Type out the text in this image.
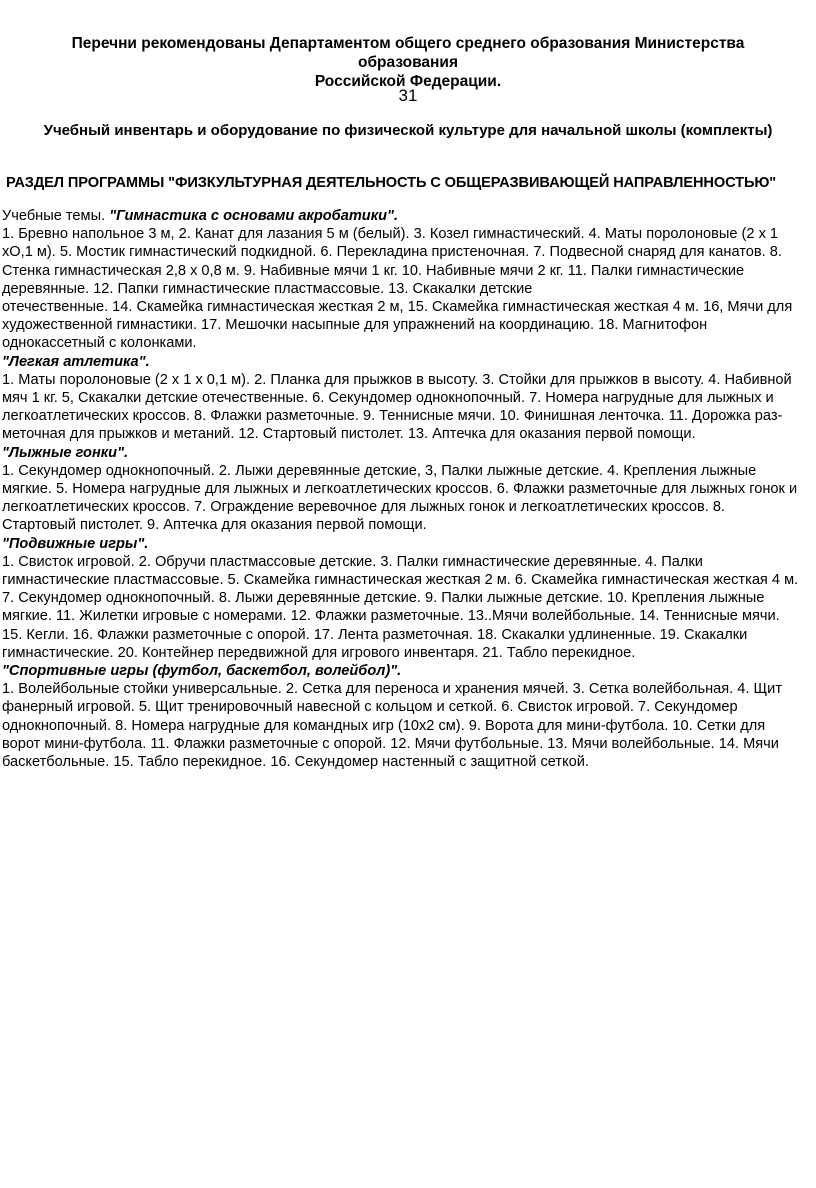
Перечни рекомендованы Департаментом общего среднего образования Министерства образования
Российской Федерации.
31
Учебный инвентарь и оборудование по физической культуре для начальной школы (комплекты)
РАЗДЕЛ ПРОГРАММЫ "ФИЗКУЛЬТУРНАЯ ДЕЯТЕЛЬНОСТЬ С ОБЩЕРАЗВИВАЮЩЕЙ НАПРАВЛЕННОСТЬЮ"

Учебные темы. "Гимнастика с основами акробатики".

1. Бревно напольное 3 м, 2. Канат для лазания 5 м (белый). 3. Козел гимнастический. 4. Маты поролоновые (2 х 1

хО,1 м). 5. Мостик гимнастический подкидной. 6. Перекладина пристеночная. 7. Подвесной снаряд для канатов. 8.

Стенка гимнастическая 2,8 х 0,8 м. 9. Набивные мячи 1 кг. 10. Набивные мячи 2 кг. 11. Палки гимнастические

деревянные. 12. Папки гимнастические пластмассовые. 13. Скакалки детские

отечественные. 14. Скамейка гимнастическая жесткая 2 м, 15. Скамейка гимнастическая жесткая 4 м. 16, Мячи для

художественной гимнастики. 17. Мешочки насыпные для упражнений на координацию. 18. Магнитофон

однокассетный с колонками.

"Легкая атлетика".

1. Маты поролоновые (2 х 1 х 0,1 м). 2. Планка для прыжков в высоту. 3. Стойки для прыжков в высоту. 4. Набивной

мяч 1 кг. 5, Скакалки детские отечественные. 6. Секундомер однокнопочный. 7. Номера нагрудные для лыжных и

легкоатлетических кроссов. 8. Флажки разметочные. 9. Теннисные мячи. 10. Финишная ленточка. 11. Дорожка раз-

меточная для прыжков и метаний. 12. Стартовый пистолет. 13. Аптечка для оказания первой помощи.

"Лыжные гонки".

1. Секундомер однокнопочный. 2. Лыжи деревянные детские, 3, Палки лыжные детские. 4. Крепления лыжные

мягкие. 5. Номера нагрудные для лыжных и легкоатлетических кроссов. 6. Флажки разметочные для лыжных гонок и

легкоатлетических кроссов. 7. Ограждение веревочное для лыжных гонок и легкоатлетических кроссов. 8.

Стартовый пистолет. 9. Аптечка для оказания первой помощи.

"Подвижные игры".

1. Свисток игровой. 2. Обручи пластмассовые детские. 3. Палки гимнастические деревянные. 4. Палки

гимнастические пластмассовые. 5. Скамейка гимнастическая жесткая 2 м. 6. Скамейка гимнастическая жесткая 4 м.

7. Секундомер однокнопочный. 8. Лыжи деревянные детские. 9. Палки лыжные детские. 10. Крепления лыжные

мягкие. 11. Жилетки игровые с номерами. 12. Флажки разметочные. 13..Мячи волейбольные. 14. Теннисные мячи.

15. Кегли. 16. Флажки разметочные с опорой. 17. Лента разметочная. 18. Скакалки удлиненные. 19. Скакалки

гимнастические. 20. Контейнер передвижной для игрового инвентаря. 21. Табло перекидное.

"Спортивные игры (футбол, баскетбол, волейбол)".

1. Волейбольные стойки универсальные. 2. Сетка для переноса и хранения мячей. 3. Сетка волейбольная. 4. Щит

фанерный игровой. 5. Щит тренировочный навесной с кольцом и сеткой. 6. Свисток игровой. 7. Секундомер

однокнопочный. 8. Номера нагрудные для командных игр (10х2 см). 9. Ворота для мини-футбола. 10. Сетки для

ворот мини-футбола. 11. Флажки разметочные с опорой. 12. Мячи футбольные. 13. Мячи волейбольные. 14. Мячи

баскетбольные. 15. Табло перекидное. 16. Секундомер настенный с защитной сеткой.
